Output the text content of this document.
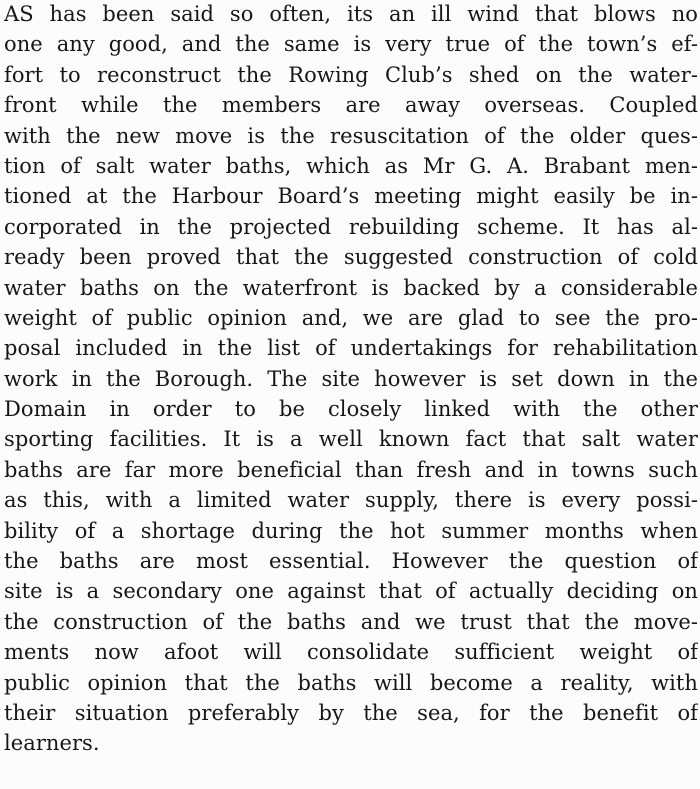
AS has been said so often, its an ill wind that blows no
one any good, and the same is very true of the town’s ef-
fort to reconstruct the Rowing Club’s shed on the water-
front while the members are away overseas. Coupled
with the new move is the resuscitation of the older ques-
tion of salt water baths, which as Mr G. A. Brabant men-
tioned at the Harbour Board’s meeting might easily be in-
corporated in the projected rebuilding scheme. It has al-
ready been proved that the suggested construction of cold
water baths on the waterfront is backed by a considerable
weight of public opinion and, we are glad to see the pro-
posal included in the list of undertakings for rehabilitation
work in the Borough. The site however is set down in the
Domain in order to be closely linked with the other
sporting facilities. It is a well known fact that salt water
baths are far more beneficial than fresh and in towns such
as this, with a limited water supply, there is every possi-
bility of a shortage during the hot summer months when
the baths are most essential. However the question of
site is a secondary one against that of actually deciding on
the construction of the baths and we trust that the move-
ments now afoot will consolidate sufficient weight of
public opinion that the baths will become a reality, with
their situation preferably by the sea, for the benefit of
learners.
